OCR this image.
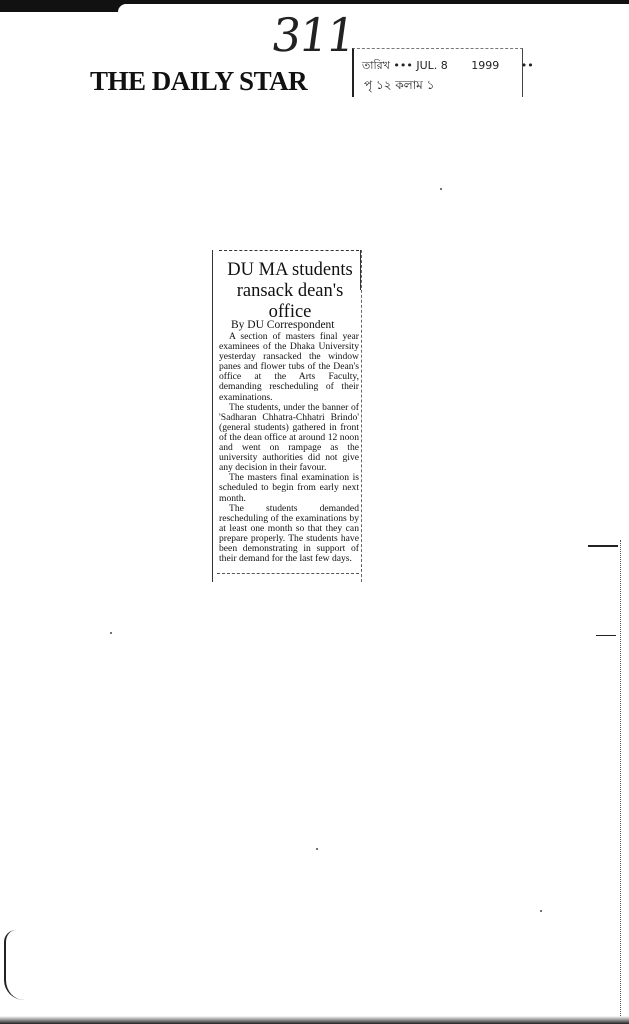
311
THE DAILY STAR
তারিখ ••• JUL. 8 1999 ••
পৃ ১২ কলাম ১
DU MA students ransack dean's office
By DU Correspondent

A section of masters final year examinees of the Dhaka University yesterday ransacked the window panes and flower tubs of the Dean's office at the Arts Faculty, demanding rescheduling of their examinations.

The students, under the banner of 'Sadharan Chhatra-Chhatri Brindo' (general students) gathered in front of the dean office at around 12 noon and went on rampage as the university authorities did not give any decision in their favour.

The masters final examination is scheduled to begin from early next month.

The students demanded rescheduling of the examinations by at least one month so that they can prepare properly. The students have been demonstrating in support of their demand for the last few days.
